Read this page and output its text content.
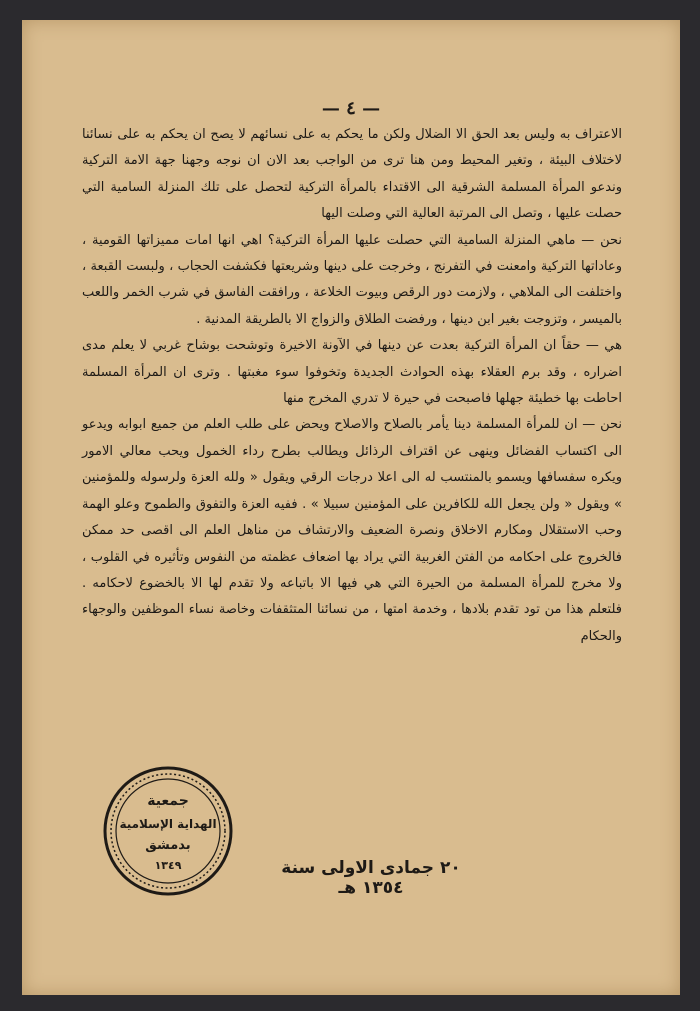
— ٤ —

الاعتراف به وليس بعد الحق الا الضلال ولكن ما يحكم به على نسائهم لا يصح ان يحكم به على نسائنا لاختلاف البيئة ، وتغير المحيط ومن هنا ترى من الواجب بعد الان ان نوجه وجهنا جهة الامة التركية وندعو المرأة المسلمة الشرقية الى الاقتداء بالمرأة التركية لتحصل على تلك المنزلة السامية التي حصلت عليها ، وتصل الى المرتبة العالية التي وصلت اليها

نحن — ماهي المنزلة السامية التي حصلت عليها المرأة التركية؟ اهي انها امات مميزاتها القومية ، وعاداتها التركية وامعنت في التفرنج ، وخرجت على دينها وشريعتها فكشفت الحجاب ، ولبست القبعة ، واختلفت الى الملاهي ، ولازمت دور الرقص وبيوت الخلاعة ، ورافقت الفاسق في شرب الخمر واللعب بالميسر ، وتزوجت بغير ابن دينها ، ورفضت الطلاق والزواج الا بالطريقة المدنية .

هي — حقاً ان المرأة التركية بعدت عن دينها في الآونة الاخيرة وتوشحت بوشاح غربي لا يعلم مدى اضراره ، وقد برم العقلاء بهذه الحوادث الجديدة وتخوفوا سوء مغبتها . وترى ان المرأة المسلمة احاطت بها خطيئة جهلها فاصبحت في حيرة لا تدري المخرج منها

نحن — ان للمرأة المسلمة دينا يأمر بالصلاح والاصلاح ويحض على طلب العلم من جميع ابوابه ويدعو الى اكتساب الفضائل وينهى عن اقتراف الرذائل ويطالب بطرح رداء الخمول ويحب معالي الامور ويكره سفسافها ويسمو بالمنتسب له الى اعلا درجات الرقي ويقول « ولله العزة ولرسوله وللمؤمنين » ويقول « ولن يجعل الله للكافرين على المؤمنين سبيلا » . ففيه العزة والتفوق والطموح وعلو الهمة وحب الاستقلال ومكارم الاخلاق ونصرة الضعيف والارتشاف من مناهل العلم الى اقصى حد ممكن فالخروج على احكامه من الفتن الغربية التي يراد بها اضعاف عظمته من النفوس وتأثيره في القلوب ، ولا مخرج للمرأة المسلمة من الحيرة التي هي فيها الا باتباعه ولا تقدم لها الا بالخضوع لاحكامه . فلتعلم هذا من تود تقدم بلادها ، وخدمة امتها ، من نسائنا المتثقفات وخاصة نساء الموظفين والوجهاء والحكام

جمعية
الهداية الإسلامية
بدمشق
١٣٤٩	٢٠ جمادى الاولى سنة ١٣٥٤ هـ
